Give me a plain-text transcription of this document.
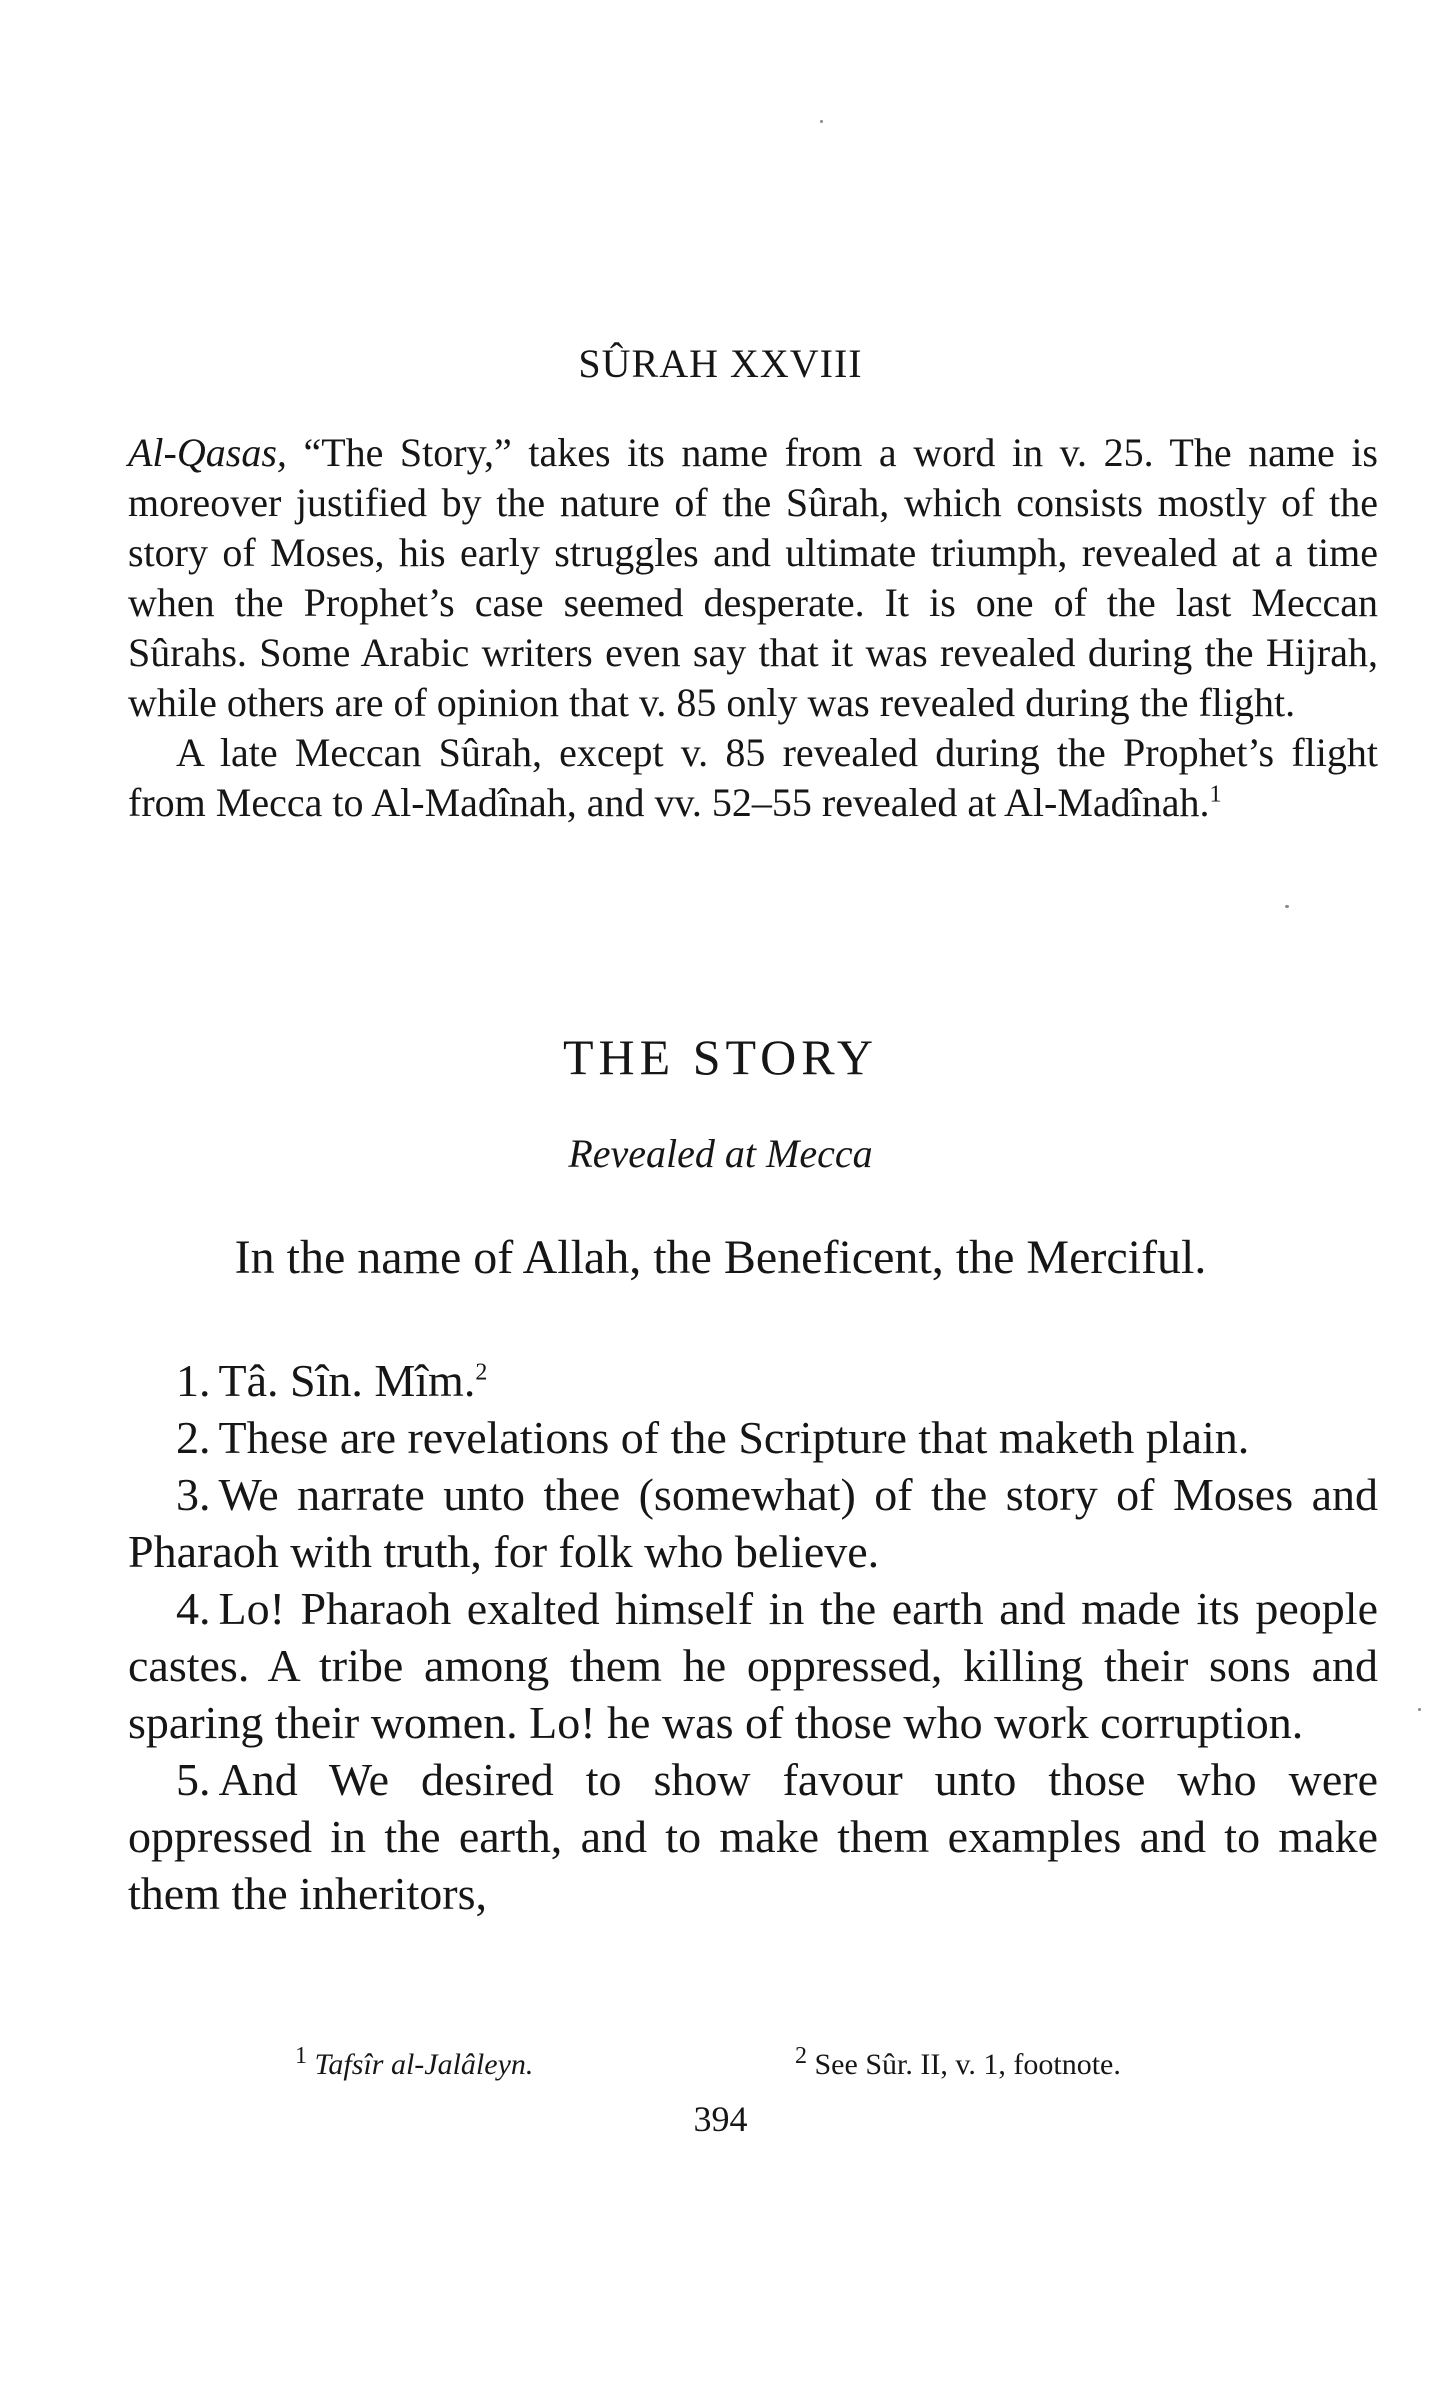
SÛRAH XXVIII

Al-Qasas, “The Story,” takes its name from a word in v. 25. The name is moreover justified by the nature of the Sûrah, which consists mostly of the story of Moses, his early struggles and ultimate triumph, revealed at a time when the Prophet’s case seemed desperate. It is one of the last Meccan Sûrahs. Some Arabic writers even say that it was revealed during the Hijrah, while others are of opinion that v. 85 only was revealed during the flight.

A late Meccan Sûrah, except v. 85 revealed during the Prophet’s flight from Mecca to Al-Madînah, and vv. 52–55 revealed at Al-Madînah.$^1$

THE STORY
Revealed at Mecca
In the name of Allah, the Beneficent, the Merciful.

1. Tâ. Sîn. Mîm.$^2$

2. These are revelations of the Scripture that maketh plain.

3. We narrate unto thee (somewhat) of the story of Moses and Pharaoh with truth, for folk who believe.

4. Lo! Pharaoh exalted himself in the earth and made its people castes. A tribe among them he oppressed, killing their sons and sparing their women. Lo! he was of those who work corruption.

5. And We desired to show favour unto those who were oppressed in the earth, and to make them examples and to make them the inheritors,

$^1$ Tafsîr al-Jalâleyn.	$^2$ See Sûr. II, v. 1, footnote.
394
